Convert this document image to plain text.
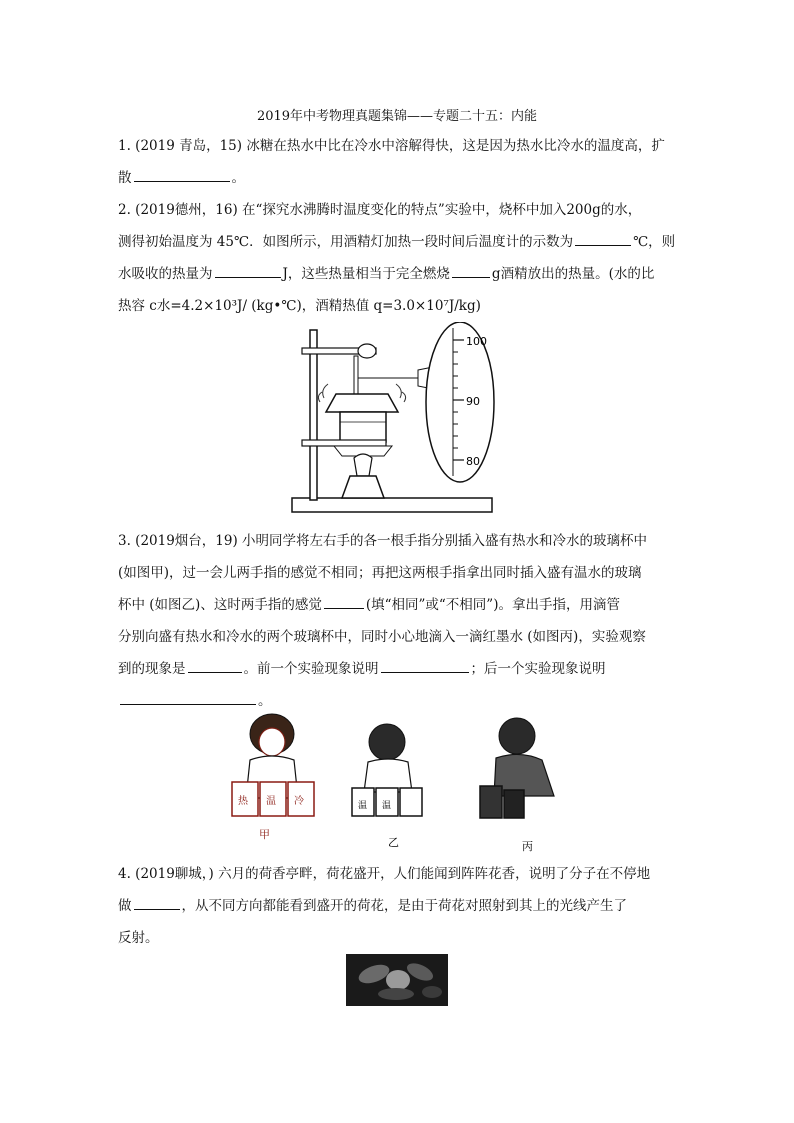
2019年中考物理真题集锦——专题二十五：内能
1. (2019 青岛，15) 冰糖在热水中比在冷水中溶解得快，这是因为热水比冷水的温度高，扩
散	。
2. (2019德州，16) 在“探究水沸腾时温度变化的特点”实验中，烧杯中加入200g的水，
测得初始温度为 45℃．如图所示，用酒精灯加热一段时间后温度计的示数为	℃，则
水吸收的热量为	J，这些热量相当于完全燃烧	g酒精放出的热量。(水的比
热容 c水=4.2×10³J/ (kg•℃)，酒精热值 q=3.0×10⁷J/kg)
100
90
80
3. (2019烟台，19) 小明同学将左右手的各一根手指分别插入盛有热水和冷水的玻璃杯中
(如图甲)，过一会儿两手指的感觉不相同；再把这两根手指拿出同时插入盛有温水的玻璃
杯中 (如图乙)、这时两手指的感觉	(填“相同”或“不相同”)。拿出手指，用滴管
分别向盛有热水和冷水的两个玻璃杯中，同时小心地滴入一滴红墨水 (如图丙)，实验观察
到的现象是	。前一个实验现象说明	；后一个实验现象说明
。
热 温 冷
甲
温 温
乙	丙
4. (2019聊城，) 六月的荷香亭畔，荷花盛开，人们能闻到阵阵花香，说明了分子在不停地
做	，从不同方向都能看到盛开的荷花，是由于荷花对照射到其上的光线产生了
反射。
